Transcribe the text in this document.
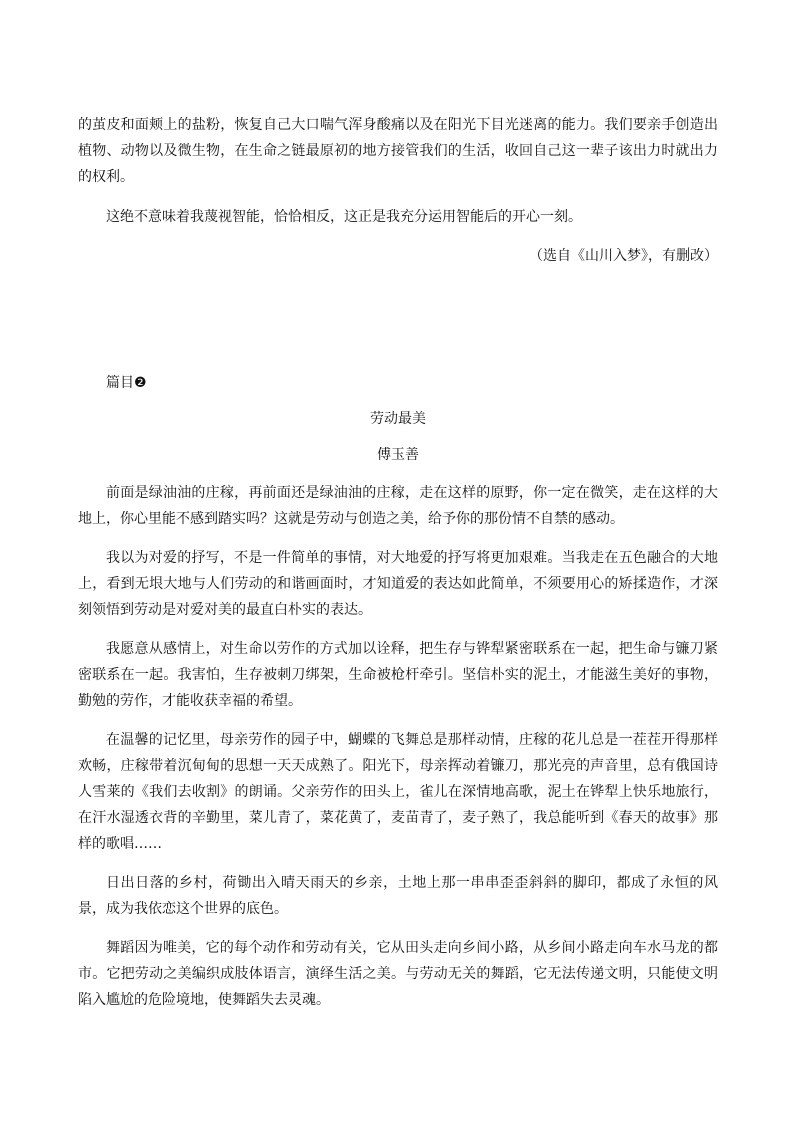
的茧皮和面颊上的盐粉，恢复自己大口喘气浑身酸痛以及在阳光下目光迷离的能力。我们要亲手创造出植物、动物以及微生物，在生命之链最原初的地方接管我们的生活，收回自己这一辈子该出力时就出力的权利。

这绝不意味着我蔑视智能，恰恰相反，这正是我充分运用智能后的开心一刻。

（选自《山川入梦》，有删改）

篇目❷

劳动最美

傅玉善

前面是绿油油的庄稼，再前面还是绿油油的庄稼，走在这样的原野，你一定在微笑，走在这样的大地上，你心里能不感到踏实吗？这就是劳动与创造之美，给予你的那份情不自禁的感动。

我以为对爱的抒写，不是一件简单的事情，对大地爱的抒写将更加艰难。当我走在五色融合的大地上，看到无垠大地与人们劳动的和谐画面时，才知道爱的表达如此简单，不须要用心的矫揉造作，才深刻领悟到劳动是对爱对美的最直白朴实的表达。

我愿意从感情上，对生命以劳作的方式加以诠释，把生存与铧犁紧密联系在一起，把生命与镰刀紧密联系在一起。我害怕，生存被刺刀绑架，生命被枪杆牵引。坚信朴实的泥土，才能滋生美好的事物，勤勉的劳作，才能收获幸福的希望。

在温馨的记忆里，母亲劳作的园子中，蝴蝶的飞舞总是那样动情，庄稼的花儿总是一茬茬开得那样欢畅，庄稼带着沉甸甸的思想一天天成熟了。阳光下，母亲挥动着镰刀，那光亮的声音里，总有俄国诗人雪莱的《我们去收割》的朗诵。父亲劳作的田头上，雀儿在深情地高歌，泥土在铧犁上快乐地旅行，在汗水湿透衣背的辛勤里，菜儿青了，菜花黄了，麦苗青了，麦子熟了，我总能听到《春天的故事》那样的歌唱……

日出日落的乡村，荷锄出入晴天雨天的乡亲，土地上那一串串歪歪斜斜的脚印，都成了永恒的风景，成为我依恋这个世界的底色。

舞蹈因为唯美，它的每个动作和劳动有关，它从田头走向乡间小路，从乡间小路走向车水马龙的都市。它把劳动之美编织成肢体语言，演绎生活之美。与劳动无关的舞蹈，它无法传递文明，只能使文明陷入尴尬的危险境地，使舞蹈失去灵魂。
